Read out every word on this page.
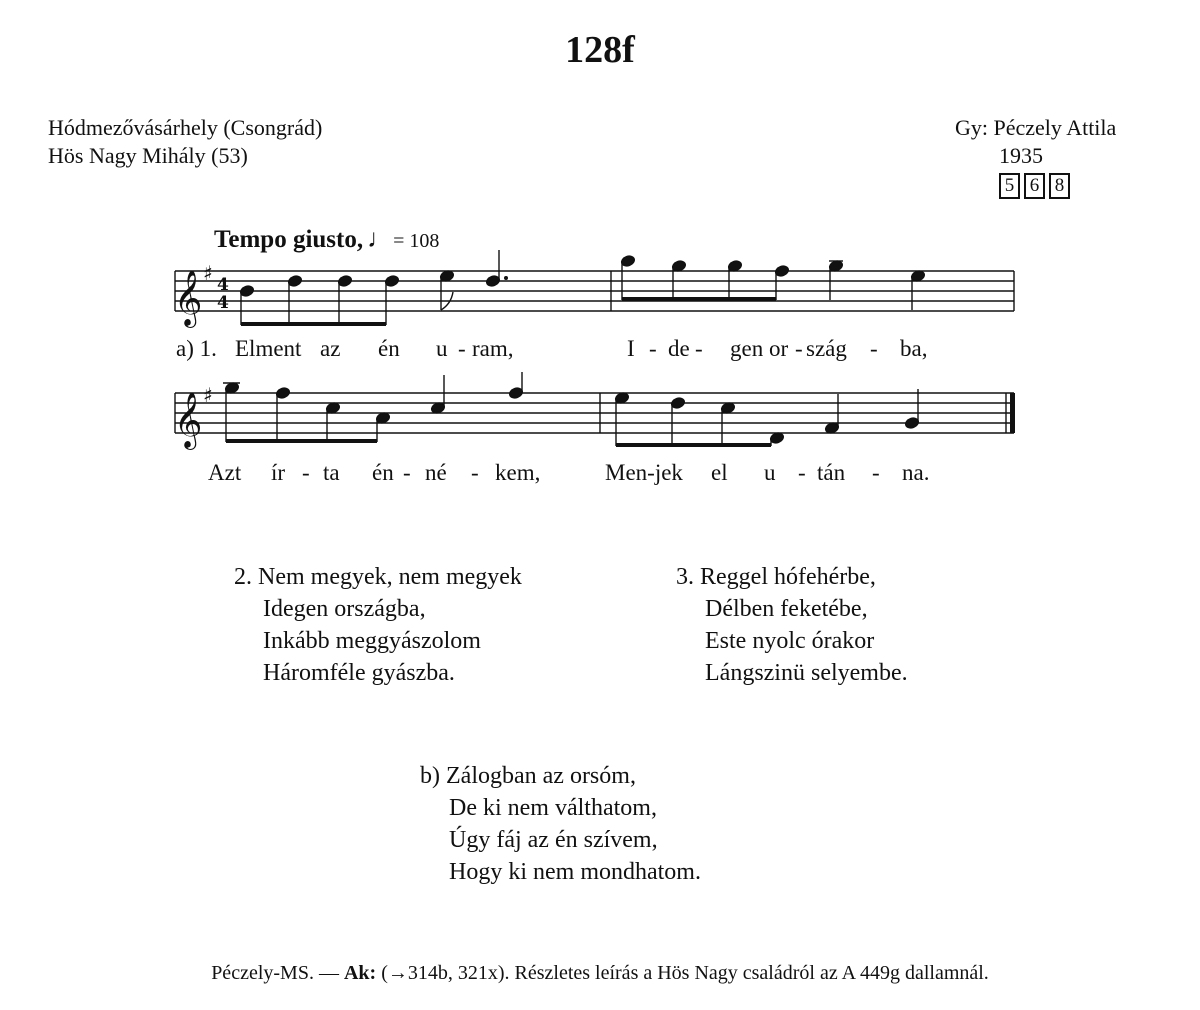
128f
Hódmezővásárhely (Csongrád)
Hös Nagy Mihály (53)
Gy: Péczely Attila
1935
5 6 8
Tempo giusto, ♩= 108
𝄞 ♯ 4
4
a) 1. Elment az én u - ram,	I - de - gen or - szág - ba,
𝄞 ♯
Azt ír - ta én - né - kem,	Men-jek el u - tán - na.
2. Nem megyek, nem megyek
Idegen országba,
Inkább meggyászolom
Háromféle gyászba.
3. Reggel hófehérbe,
Délben feketébe,
Este nyolc órakor
Lángszinü selyembe.
b) Zálogban az orsóm,
De ki nem válthatom,
Úgy fáj az én szívem,
Hogy ki nem mondhatom.
Péczely-MS. — Ak: (→314b, 321x). Részletes leírás a Hös Nagy családról az A 449g dallamnál.
